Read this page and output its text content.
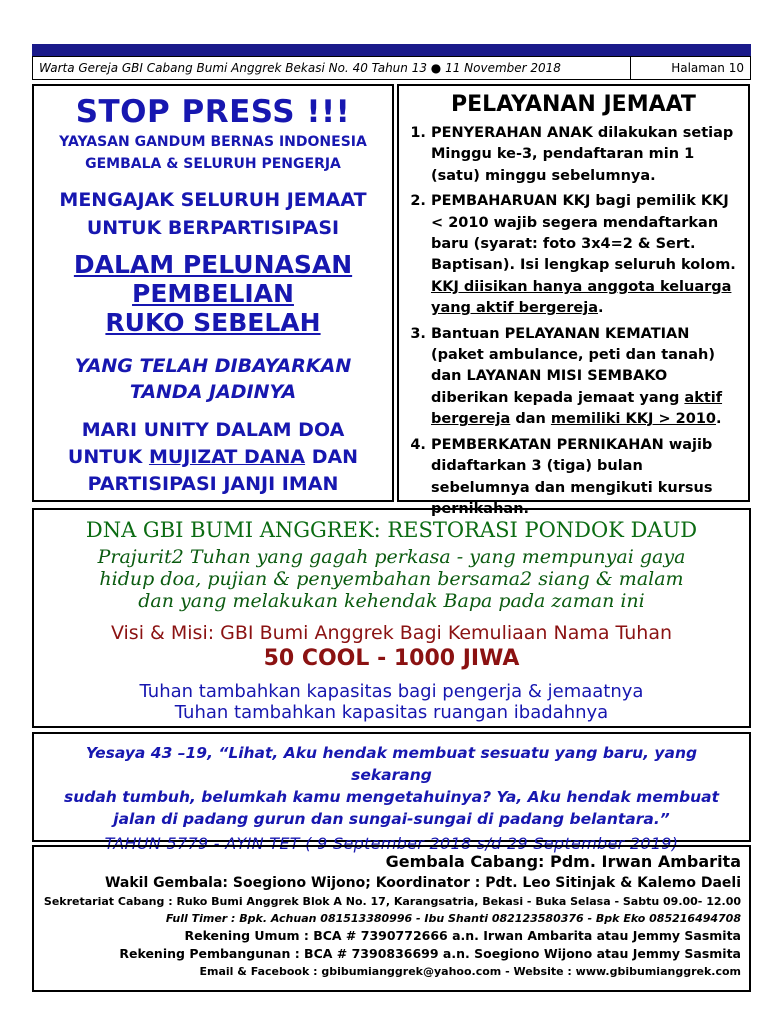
Warta Gereja GBI Cabang Bumi Anggrek Bekasi No. 40 Tahun 13 ● 11 November 2018	Halaman 10
STOP PRESS !!!
YAYASAN GANDUM BERNAS INDONESIA
GEMBALA & SELURUH PENGERJA
MENGAJAK SELURUH JEMAAT
UNTUK BERPARTISIPASI
DALAM PELUNASAN
PEMBELIAN
RUKO SEBELAH
YANG TELAH DIBAYARKAN
TANDA JADINYA
MARI UNITY DALAM DOA
UNTUK MUJIZAT DANA DAN
PARTISIPASI JANJI IMAN
PELAYANAN JEMAAT
1. PENYERAHAN ANAK dilakukan setiap Minggu ke-3, pendaftaran min 1 (satu) minggu sebelumnya.
2. PEMBAHARUAN KKJ bagi pemilik KKJ < 2010 wajib segera mendaftarkan baru (syarat: foto 3x4=2 & Sert. Baptisan). Isi lengkap seluruh kolom. KKJ diisikan hanya anggota keluarga yang aktif bergereja.
3. Bantuan PELAYANAN KEMATIAN (paket ambulance, peti dan tanah) dan LAYANAN MISI SEMBAKO diberikan kepada jemaat yang aktif bergereja dan memiliki KKJ > 2010.
4. PEMBERKATAN PERNIKAHAN wajib didaftarkan 3 (tiga) bulan sebelumnya dan mengikuti kursus pernikahan.
DNA GBI BUMI ANGGREK: RESTORASI PONDOK DAUD
Prajurit2 Tuhan yang gagah perkasa - yang mempunyai gaya
hidup doa, pujian & penyembahan bersama2 siang & malam
dan yang melakukan kehendak Bapa pada zaman ini
Visi & Misi: GBI Bumi Anggrek Bagi Kemuliaan Nama Tuhan
50 COOL - 1000 JIWA
Tuhan tambahkan kapasitas bagi pengerja & jemaatnya
Tuhan tambahkan kapasitas ruangan ibadahnya
Yesaya 43 –19, “Lihat, Aku hendak membuat sesuatu yang baru, yang sekarang
sudah tumbuh, belumkah kamu mengetahuinya? Ya, Aku hendak membuat
jalan di padang gurun dan sungai-sungai di padang belantara.”
TAHUN 5779 - AYIN TET ( 9 September 2018 s/d 29 September 2019)
Gembala Cabang: Pdm. Irwan Ambarita
Wakil Gembala: Soegiono Wijono; Koordinator : Pdt. Leo Sitinjak & Kalemo Daeli
Sekretariat Cabang : Ruko Bumi Anggrek Blok A No. 17, Karangsatria, Bekasi - Buka Selasa - Sabtu 09.00- 12.00
Full Timer : Bpk. Achuan 081513380996 - Ibu Shanti 082123580376 - Bpk Eko 085216494708
Rekening Umum : BCA # 7390772666 a.n. Irwan Ambarita atau Jemmy Sasmita
Rekening Pembangunan : BCA # 7390836699 a.n. Soegiono Wijono atau Jemmy Sasmita
Email & Facebook : gbibumianggrek@yahoo.com - Website : www.gbibumianggrek.com
